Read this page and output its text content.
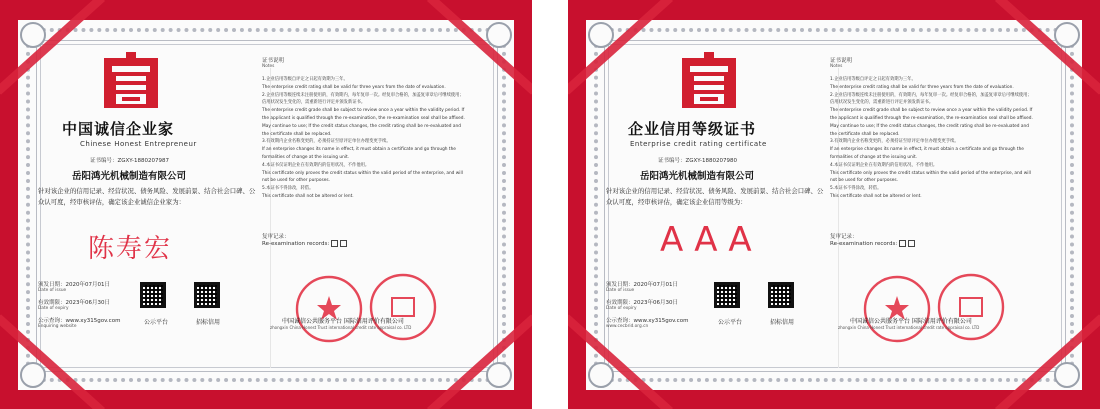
中国诚信企业家

Chinese Honest Entrepreneur

证书编号：ZGXY-1880207987

岳阳鸿光机械制造有限公司

针对该企业的信用记录、经营状况、债务风险、发展前景、结合社会口碑、公众认可度，经审核评估，确定该企业诚信企业家为：

陈寿宏

颁发日期：2020年07月01日

Date of issue

有效期限：2023年06月30日

Date of expiry

公示查询：www.xy315gov.com

Enquiring website

公示平台	招标信用

证书说明

Notes

1.企业信用等级自评定之日起有效期为三年。

The enterprise credit rating shall be valid for three years from the date of evaluation.

2.企业信用等级连续未注册使用的，有效期内，每年复审一次。经复审合格的，加盖复审章后可继续使用；信用状况发生变化的，需重新进行评定并颁发新证书。

The enterprise credit grade shall be subject to review once a year within the validity period. If the applicant is qualified through the re-examination, the re-examination seal shall be affixed. May continue to use; If the credit status changes, the credit rating shall be re-evaluated and the certificate shall be replaced.

3.有效期内企业名称变更的，必须持证至原评定单位办理变更手续。

If an enterprise changes its name in effect, it must obtain a certificate and go through the formalities of change at the issuing unit.

4.本证书仅证明企业在有效期内的信用状况，不作他用。

This certificate only proves the credit status within the valid period of the enterprise, and will not be used for other purposes.

5.本证书不得涂改，转借。

This certificate shall not be altered or lent.

复审记录：

Re-examination records:

中国诚信公共服务平台 国际信用评价有限公司

zhongxin China Honest Trust international credit rate appraisal co. LTD

企业信用等级证书

Enterprise credit rating certificate

证书编号：ZGXY-1880207980

岳阳鸿光机械制造有限公司

针对该企业的信用记录、经营状况、债务风险、发展前景、结合社会口碑、公众认可度，经审核评估，确定该企业信用等级为：

AAA

颁发日期：2020年07月01日

Date of issue

有效期限：2023年06月30日

Date of expiry

公示查询：www.xy315gov.com

www.cecbrid.org.cn

公示平台	招标信用

证书说明

Notes

1.企业信用等级自评定之日起有效期为三年。

The enterprise credit rating shall be valid for three years from the date of evaluation.

2.企业信用等级连续未注册使用的，有效期内，每年复审一次。经复审合格的，加盖复审章后可继续使用；信用状况发生变化的，需重新进行评定并颁发新证书。

The enterprise credit grade shall be subject to review once a year within the validity period. If the applicant is qualified through the re-examination, the re-examination seal shall be affixed. May continue to use; If the credit status changes, the credit rating shall be re-evaluated and the certificate shall be replaced.

3.有效期内企业名称变更的，必须持证至原评定单位办理变更手续。

If an enterprise changes its name in effect, it must obtain a certificate and go through the formalities of change at the issuing unit.

4.本证书仅证明企业在有效期内的信用状况，不作他用。

This certificate only proves the credit status within the valid period of the enterprise, and will not be used for other purposes.

5.本证书不得涂改，转借。

This certificate shall not be altered or lent.

复审记录：

Re-examination records:

中国诚信公共服务平台 国际信用评价有限公司

zhongxin China Honest Trust international credit rate appraisal co. LTD
